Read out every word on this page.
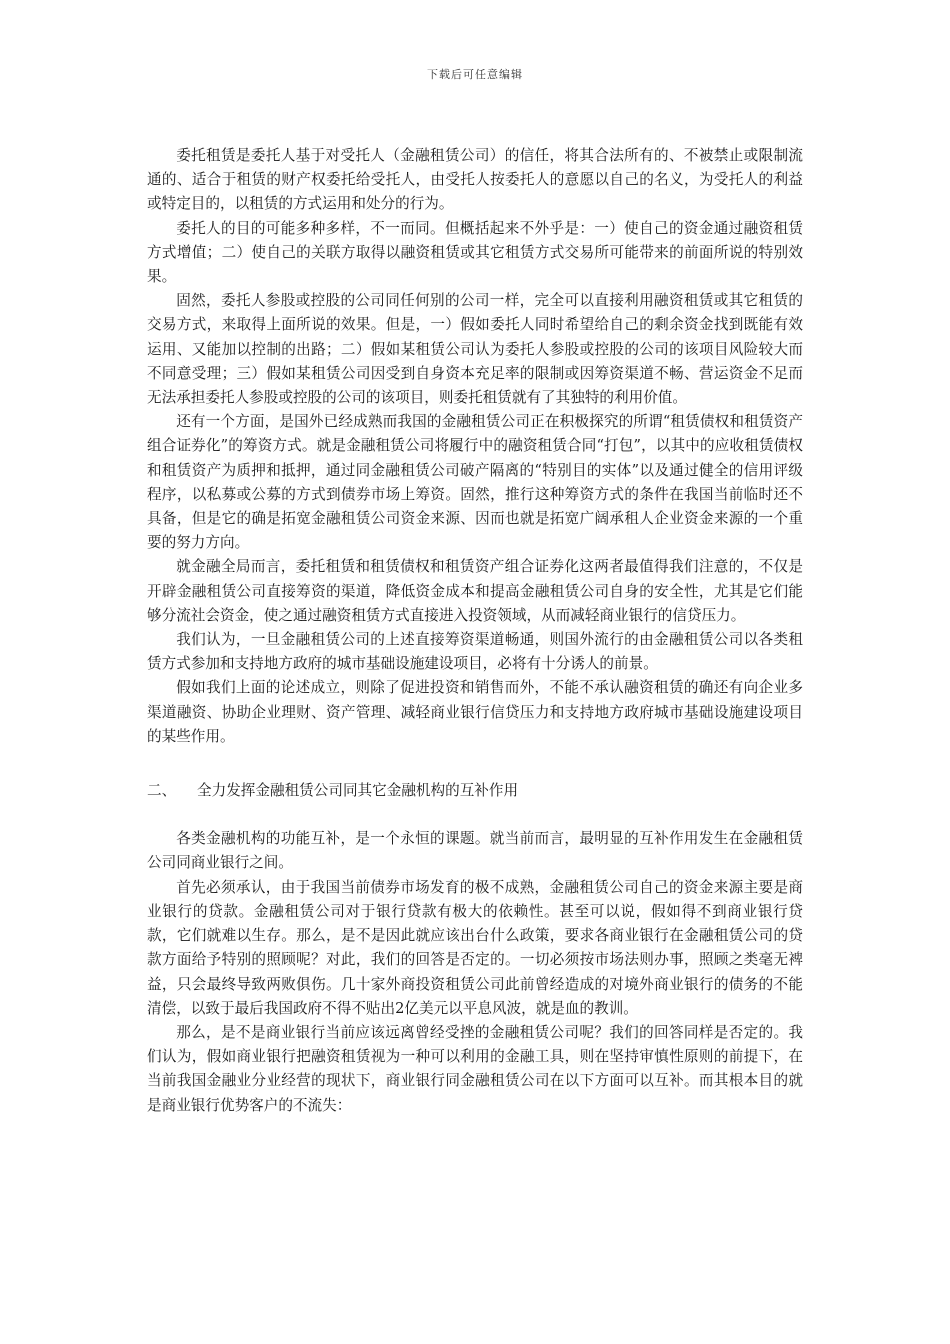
下载后可任意编辑

委托租赁是委托人基于对受托人（金融租赁公司）的信任，将其合法所有的、不被禁止或限制流通的、适合于租赁的财产权委托给受托人，由受托人按委托人的意愿以自己的名义，为受托人的利益或特定目的，以租赁的方式运用和处分的行为。

委托人的目的可能多种多样，不一而同。但概括起来不外乎是：一）使自己的资金通过融资租赁方式增值；二）使自己的关联方取得以融资租赁或其它租赁方式交易所可能带来的前面所说的特别效果。

固然，委托人参股或控股的公司同任何别的公司一样，完全可以直接利用融资租赁或其它租赁的交易方式，来取得上面所说的效果。但是，一）假如委托人同时希望给自己的剩余资金找到既能有效运用、又能加以控制的出路；二）假如某租赁公司认为委托人参股或控股的公司的该项目风险较大而不同意受理；三）假如某租赁公司因受到自身资本充足率的限制或因筹资渠道不畅、营运资金不足而无法承担委托人参股或控股的公司的该项目，则委托租赁就有了其独特的利用价值。

还有一个方面，是国外已经成熟而我国的金融租赁公司正在积极探究的所谓“租赁债权和租赁资产组合证券化”的筹资方式。就是金融租赁公司将履行中的融资租赁合同“打包”，以其中的应收租赁债权和租赁资产为质押和抵押，通过同金融租赁公司破产隔离的“特别目的实体”以及通过健全的信用评级程序，以私募或公募的方式到债券市场上筹资。固然，推行这种筹资方式的条件在我国当前临时还不具备，但是它的确是拓宽金融租赁公司资金来源、因而也就是拓宽广阔承租人企业资金来源的一个重要的努力方向。

就金融全局而言，委托租赁和租赁债权和租赁资产组合证券化这两者最值得我们注意的，不仅是开辟金融租赁公司直接筹资的渠道，降低资金成本和提高金融租赁公司自身的安全性，尤其是它们能够分流社会资金，使之通过融资租赁方式直接进入投资领域，从而减轻商业银行的信贷压力。

我们认为，一旦金融租赁公司的上述直接筹资渠道畅通，则国外流行的由金融租赁公司以各类租赁方式参加和支持地方政府的城市基础设施建设项目，必将有十分诱人的前景。

假如我们上面的论述成立，则除了促进投资和销售而外，不能不承认融资租赁的确还有向企业多渠道融资、协助企业理财、资产管理、减轻商业银行信贷压力和支持地方政府城市基础设施建设项目的某些作用。

二、 全力发挥金融租赁公司同其它金融机构的互补作用

各类金融机构的功能互补，是一个永恒的课题。就当前而言，最明显的互补作用发生在金融租赁公司同商业银行之间。

首先必须承认，由于我国当前债券市场发育的极不成熟，金融租赁公司自己的资金来源主要是商业银行的贷款。金融租赁公司对于银行贷款有极大的依赖性。甚至可以说，假如得不到商业银行贷款，它们就难以生存。那么，是不是因此就应该出台什么政策，要求各商业银行在金融租赁公司的贷款方面给予特别的照顾呢？对此，我们的回答是否定的。一切必须按市场法则办事，照顾之类毫无裨益，只会最终导致两败俱伤。几十家外商投资租赁公司此前曾经造成的对境外商业银行的债务的不能清偿，以致于最后我国政府不得不贴出2亿美元以平息风波，就是血的教训。

那么，是不是商业银行当前应该远离曾经受挫的金融租赁公司呢？我们的回答同样是否定的。我们认为，假如商业银行把融资租赁视为一种可以利用的金融工具，则在坚持审慎性原则的前提下，在当前我国金融业分业经营的现状下，商业银行同金融租赁公司在以下方面可以互补。而其根本目的就是商业银行优势客户的不流失：
